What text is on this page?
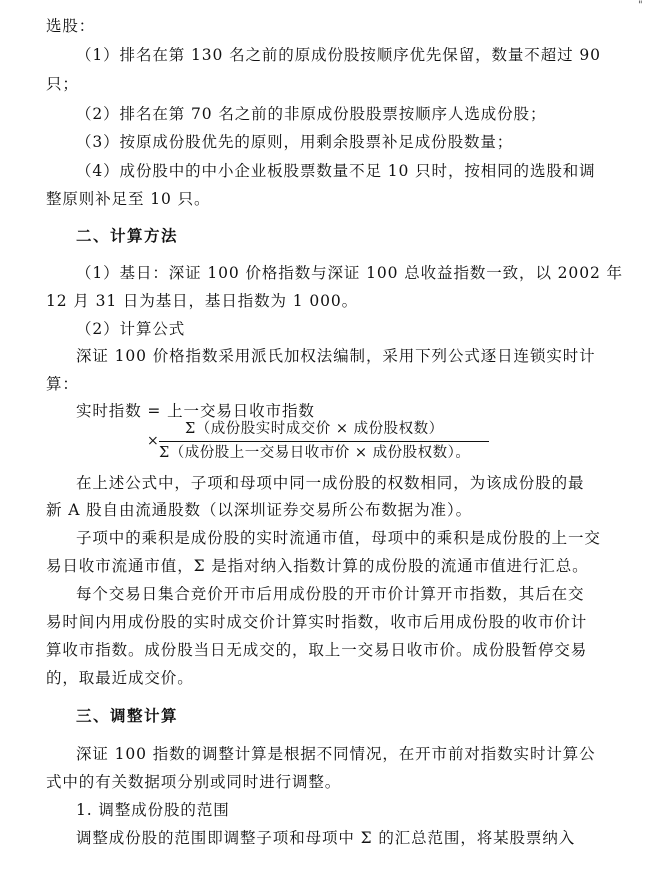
"
选股：
（1）排名在第 130 名之前的原成份股按顺序优先保留，数量不超过 90
只；
（2）排名在第 70 名之前的非原成份股股票按顺序人选成份股；
（3）按原成份股优先的原则，用剩余股票补足成份股数量；
（4）成份股中的中小企业板股票数量不足 10 只时，按相同的选股和调
整原则补足至 10 只。
二、计算方法
（1）基日：深证 100 价格指数与深证 100 总收益指数一致，以 2002 年
12 月 31 日为基日，基日指数为 1 000。
（2）计算公式
深证 100 价格指数采用派氏加权法编制，采用下列公式逐日连锁实时计
算：
实时指数 = 上一交易日收市指数
×
Σ（成份股实时成交价 × 成份股权数）
Σ（成份股上一交易日收市价 × 成份股权数）。
在上述公式中，子项和母项中同一成份股的权数相同，为该成份股的最
新 A 股自由流通股数（以深圳证券交易所公布数据为准）。
子项中的乘积是成份股的实时流通市值，母项中的乘积是成份股的上一交
易日收市流通市值，Σ 是指对纳入指数计算的成份股的流通市值进行汇总。
每个交易日集合竞价开市后用成份股的开市价计算开市指数，其后在交
易时间内用成份股的实时成交价计算实时指数，收市后用成份股的收市价计
算收市指数。成份股当日无成交的，取上一交易日收市价。成份股暂停交易
的，取最近成交价。
三、调整计算
深证 100 指数的调整计算是根据不同情况，在开市前对指数实时计算公
式中的有关数据项分别或同时进行调整。
1. 调整成份股的范围
调整成份股的范围即调整子项和母项中 Σ 的汇总范围，将某股票纳入
